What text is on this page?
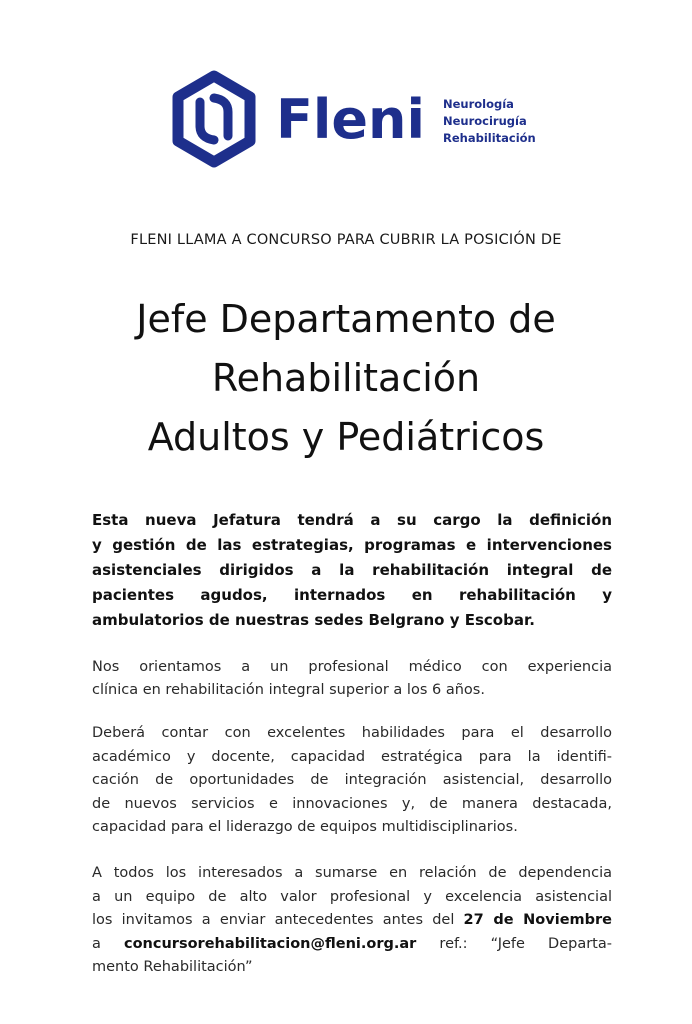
Fleni Neurología
Neurocirugía
Rehabilitación
FLENI LLAMA A CONCURSO PARA CUBRIR LA POSICIÓN DE
Jefe Departamento de
Rehabilitación
Adultos y Pediátricos
Esta nueva Jefatura tendrá a su cargo la definición
y gestión de las estrategias, programas e intervenciones
asistenciales dirigidos a la rehabilitación integral de
pacientes agudos, internados en rehabilitación y
ambulatorios de nuestras sedes Belgrano y Escobar.
Nos orientamos a un profesional médico con experiencia
clínica en rehabilitación integral superior a los 6 años.
Deberá contar con excelentes habilidades para el desarrollo
académico y docente, capacidad estratégica para la identifi-
cación de oportunidades de integración asistencial, desarrollo
de nuevos servicios e innovaciones y, de manera destacada,
capacidad para el liderazgo de equipos multidisciplinarios.
A todos los interesados a sumarse en relación de dependencia
a un equipo de alto valor profesional y excelencia asistencial
los invitamos a enviar antecedentes antes del 27 de Noviembre
a concursorehabilitacion@fleni.org.ar ref.: “Jefe Departa-
mento Rehabilitación”
